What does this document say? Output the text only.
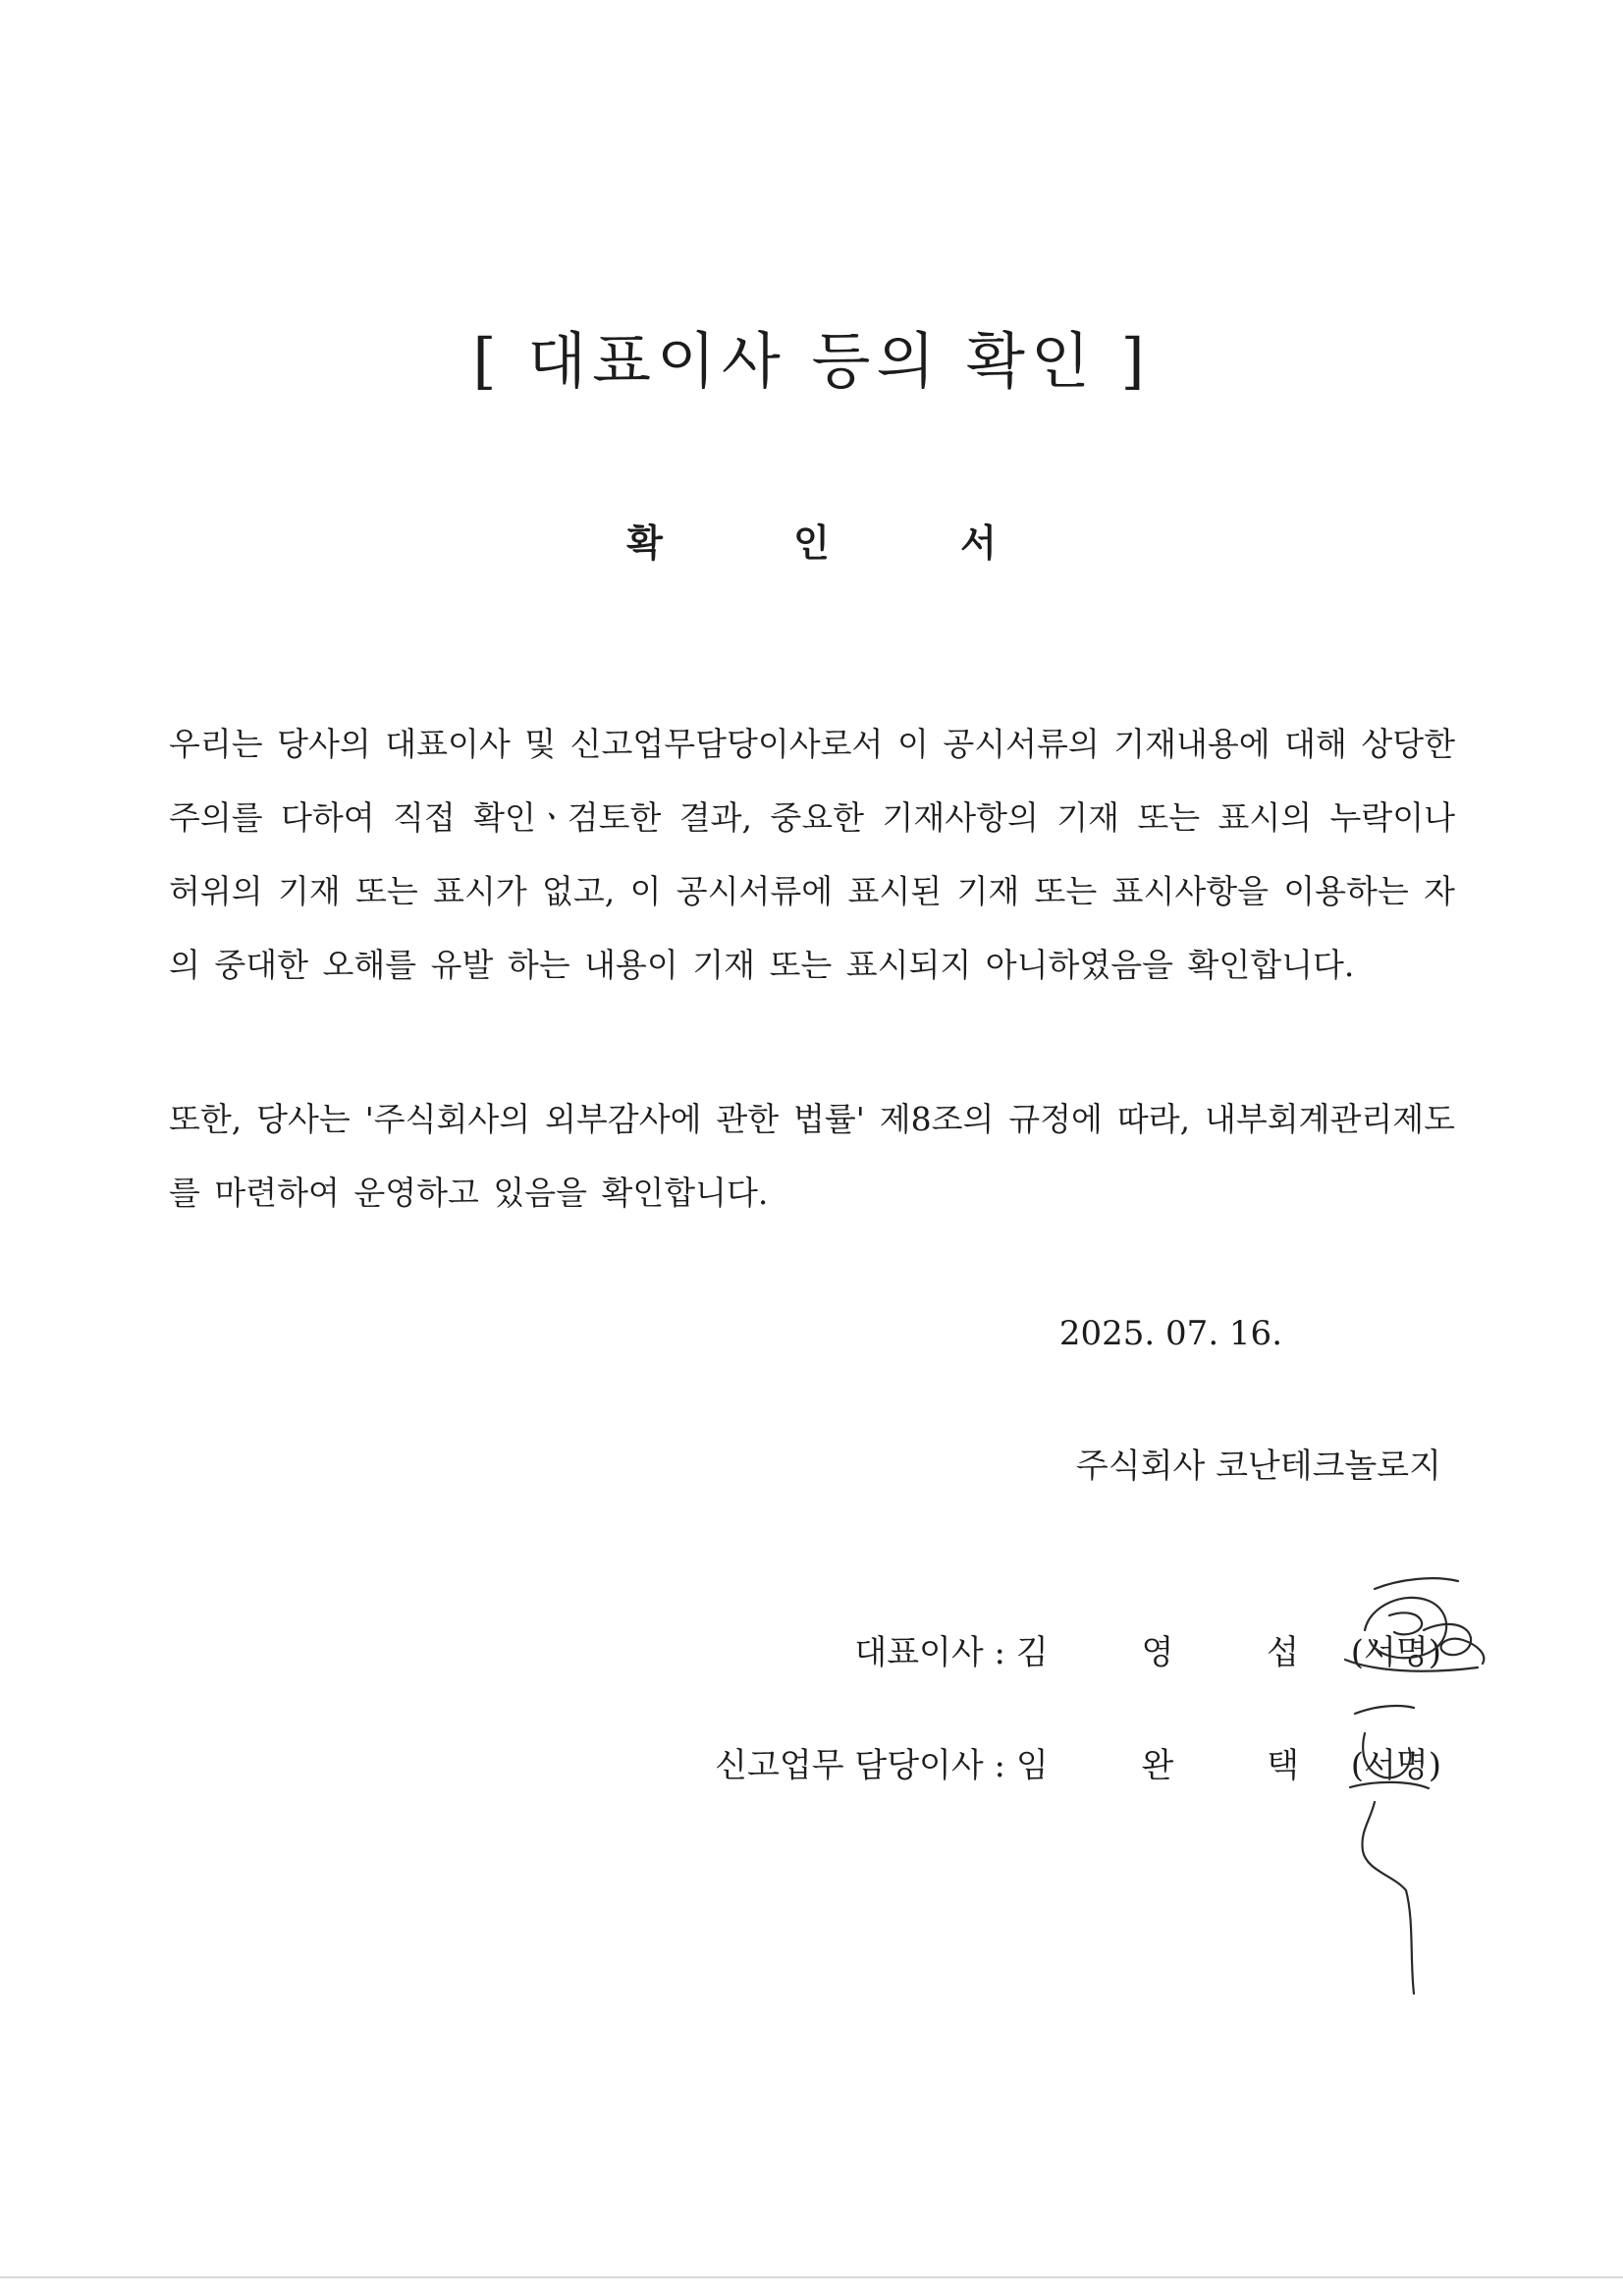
[ 대표이사 등의 확인 ]
확 인 서

우리는 당사의 대표이사 및 신고업무담당이사로서 이 공시서류의 기재내용에 대해 상당한 주의를 다하여 직접 확인ㆍ검토한 결과, 중요한 기재사항의 기재 또는 표시의 누락이나 허위의 기재 또는 표시가 없고, 이 공시서류에 표시된 기재 또는 표시사항을 이용하는 자의 중대한 오해를 유발 하는 내용이 기재 또는 표시되지 아니하였음을 확인합니다.

또한, 당사는 '주식회사의 외부감사에 관한 법률' 제8조의 규정에 따라, 내부회계관리제도를 마련하여 운영하고 있음을 확인합니다.

2025. 07. 16.

주식회사 코난테크놀로지

대표이사 : 김 영 섭 (서명)

신고업무 담당이사 : 임 완 택 (서명)
